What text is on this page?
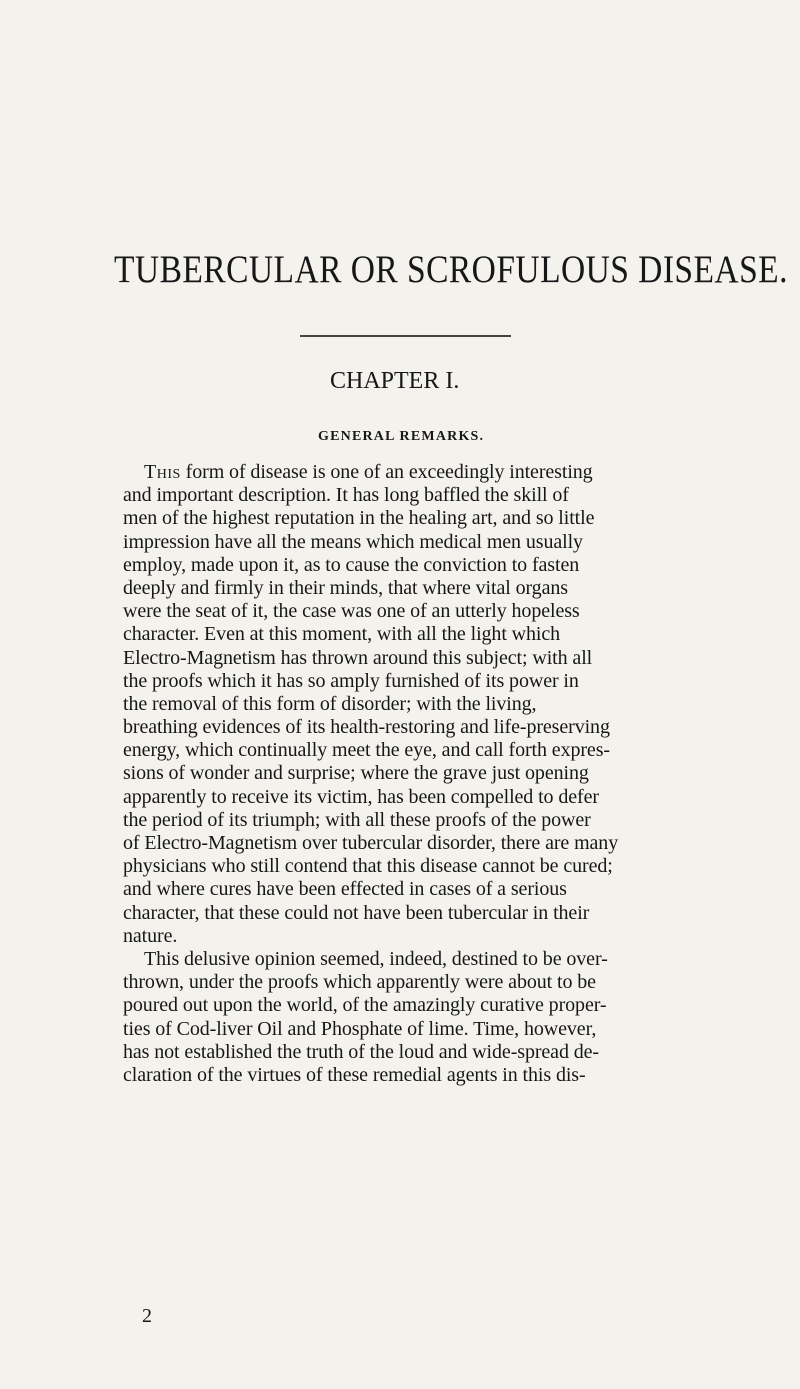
TUBERCULAR OR SCROFULOUS DISEASE.
CHAPTER I.
GENERAL REMARKS.
This form of disease is one of an exceedingly interesting
and important description. It has long baffled the skill of
men of the highest reputation in the healing art, and so little
impression have all the means which medical men usually
employ, made upon it, as to cause the conviction to fasten
deeply and firmly in their minds, that where vital organs
were the seat of it, the case was one of an utterly hopeless
character. Even at this moment, with all the light which
Electro-Magnetism has thrown around this subject; with all
the proofs which it has so amply furnished of its power in
the removal of this form of disorder; with the living,
breathing evidences of its health-restoring and life-preserving
energy, which continually meet the eye, and call forth expres-
sions of wonder and surprise; where the grave just opening
apparently to receive its victim, has been compelled to defer
the period of its triumph; with all these proofs of the power
of Electro-Magnetism over tubercular disorder, there are many
physicians who still contend that this disease cannot be cured;
and where cures have been effected in cases of a serious
character, that these could not have been tubercular in their
nature.
This delusive opinion seemed, indeed, destined to be over-
thrown, under the proofs which apparently were about to be
poured out upon the world, of the amazingly curative proper-
ties of Cod-liver Oil and Phosphate of lime. Time, however,
has not established the truth of the loud and wide-spread de-
claration of the virtues of these remedial agents in this dis-
2
